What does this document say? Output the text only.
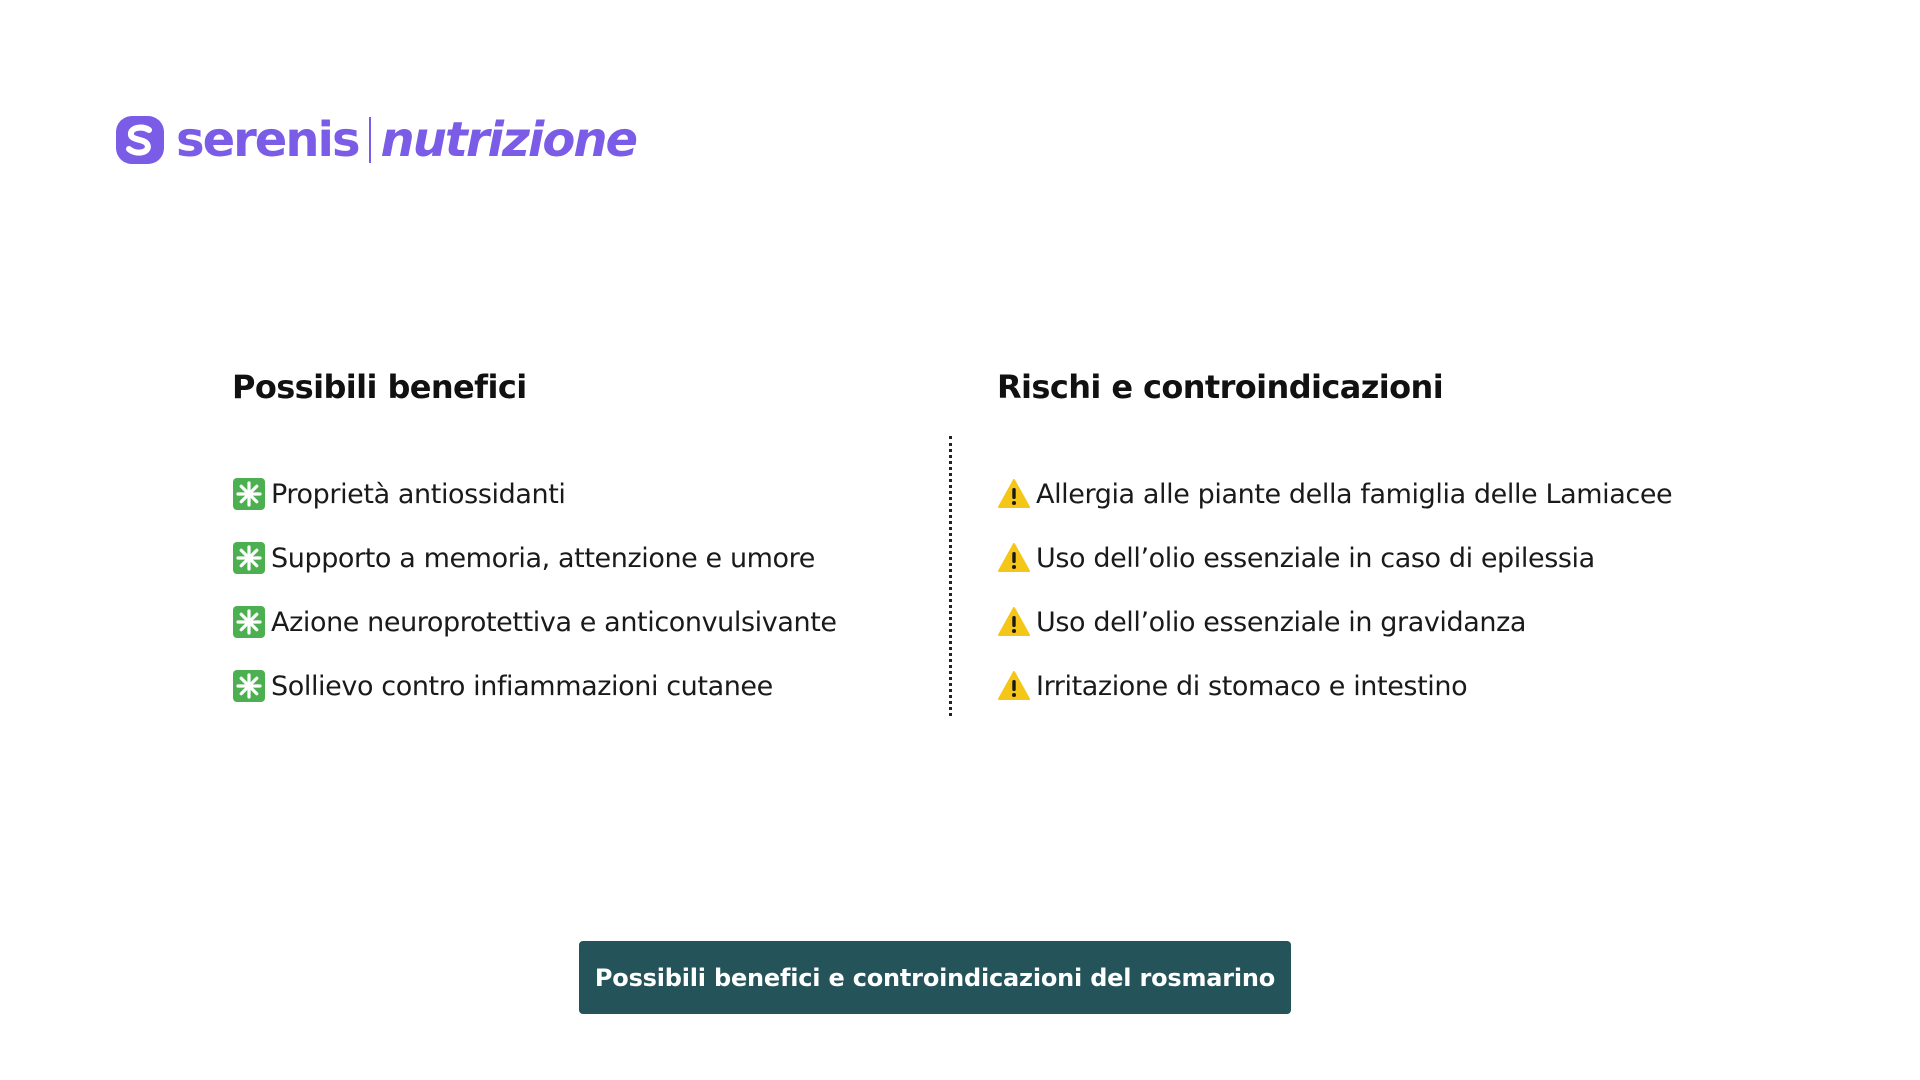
serenis nutrizione
Possibili benefici
Proprietà antiossidanti
Supporto a memoria, attenzione e umore
Azione neuroprotettiva e anticonvulsivante
Sollievo contro infiammazioni cutanee
Rischi e controindicazioni
Allergia alle piante della famiglia delle Lamiacee
Uso dell’olio essenziale in caso di epilessia
Uso dell’olio essenziale in gravidanza
Irritazione di stomaco e intestino
Possibili benefici e controindicazioni del rosmarino
